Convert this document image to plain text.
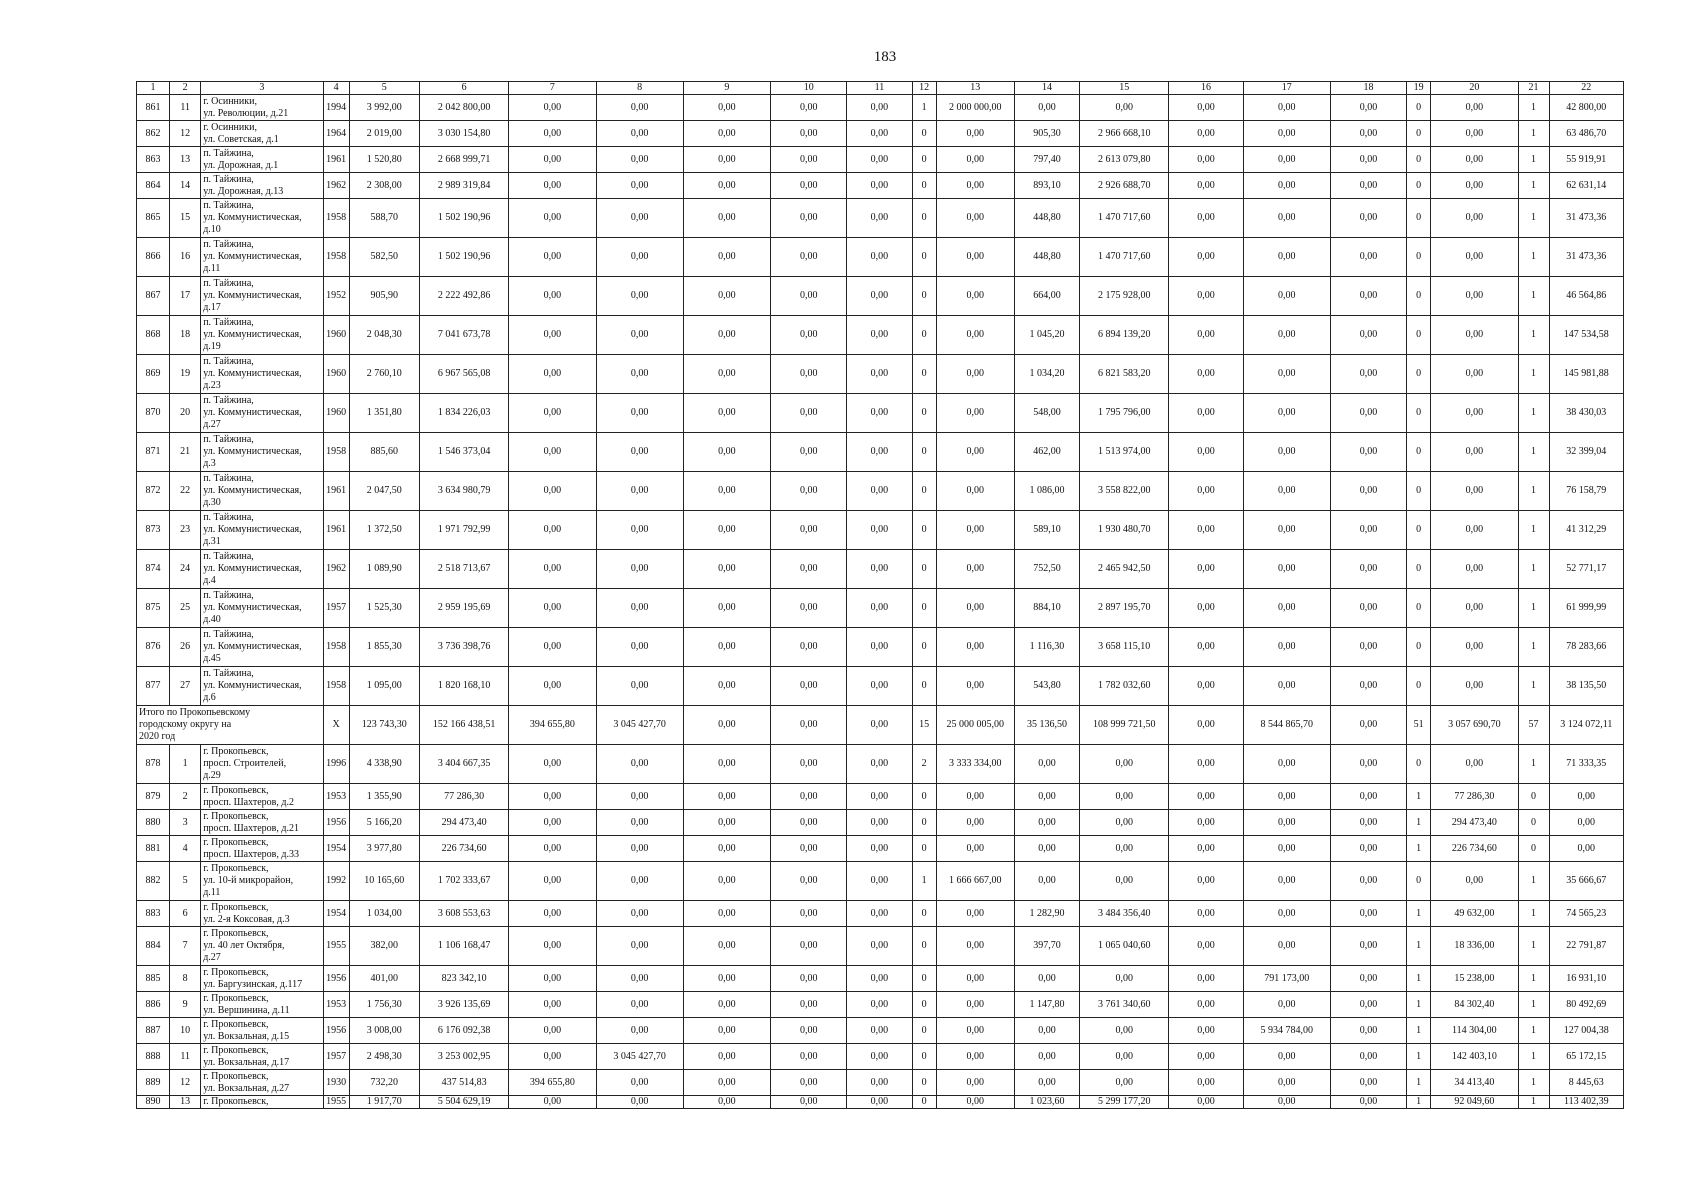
183
1	2	3	4	5	6	7	8	9	10	11	12	13	14	15	16	17	18	19	20	21	22
861	11	г. Осинники,
ул. Революции, д.21	1994	3 992,00	2 042 800,00	0,00	0,00	0,00	0,00	0,00	1	2 000 000,00	0,00	0,00	0,00	0,00	0,00	0	0,00	1	42 800,00
862	12	г. Осинники,
ул. Советская, д.1	1964	2 019,00	3 030 154,80	0,00	0,00	0,00	0,00	0,00	0	0,00	905,30	2 966 668,10	0,00	0,00	0,00	0	0,00	1	63 486,70
863	13	п. Тайжина,
ул. Дорожная, д.1	1961	1 520,80	2 668 999,71	0,00	0,00	0,00	0,00	0,00	0	0,00	797,40	2 613 079,80	0,00	0,00	0,00	0	0,00	1	55 919,91
864	14	п. Тайжина,
ул. Дорожная, д.13	1962	2 308,00	2 989 319,84	0,00	0,00	0,00	0,00	0,00	0	0,00	893,10	2 926 688,70	0,00	0,00	0,00	0	0,00	1	62 631,14
865	15	п. Тайжина,
ул. Коммунистическая,
д.10	1958	588,70	1 502 190,96	0,00	0,00	0,00	0,00	0,00	0	0,00	448,80	1 470 717,60	0,00	0,00	0,00	0	0,00	1	31 473,36
866	16	п. Тайжина,
ул. Коммунистическая,
д.11	1958	582,50	1 502 190,96	0,00	0,00	0,00	0,00	0,00	0	0,00	448,80	1 470 717,60	0,00	0,00	0,00	0	0,00	1	31 473,36
867	17	п. Тайжина,
ул. Коммунистическая,
д.17	1952	905,90	2 222 492,86	0,00	0,00	0,00	0,00	0,00	0	0,00	664,00	2 175 928,00	0,00	0,00	0,00	0	0,00	1	46 564,86
868	18	п. Тайжина,
ул. Коммунистическая,
д.19	1960	2 048,30	7 041 673,78	0,00	0,00	0,00	0,00	0,00	0	0,00	1 045,20	6 894 139,20	0,00	0,00	0,00	0	0,00	1	147 534,58
869	19	п. Тайжина,
ул. Коммунистическая,
д.23	1960	2 760,10	6 967 565,08	0,00	0,00	0,00	0,00	0,00	0	0,00	1 034,20	6 821 583,20	0,00	0,00	0,00	0	0,00	1	145 981,88
870	20	п. Тайжина,
ул. Коммунистическая,
д.27	1960	1 351,80	1 834 226,03	0,00	0,00	0,00	0,00	0,00	0	0,00	548,00	1 795 796,00	0,00	0,00	0,00	0	0,00	1	38 430,03
871	21	п. Тайжина,
ул. Коммунистическая,
д.3	1958	885,60	1 546 373,04	0,00	0,00	0,00	0,00	0,00	0	0,00	462,00	1 513 974,00	0,00	0,00	0,00	0	0,00	1	32 399,04
872	22	п. Тайжина,
ул. Коммунистическая,
д.30	1961	2 047,50	3 634 980,79	0,00	0,00	0,00	0,00	0,00	0	0,00	1 086,00	3 558 822,00	0,00	0,00	0,00	0	0,00	1	76 158,79
873	23	п. Тайжина,
ул. Коммунистическая,
д.31	1961	1 372,50	1 971 792,99	0,00	0,00	0,00	0,00	0,00	0	0,00	589,10	1 930 480,70	0,00	0,00	0,00	0	0,00	1	41 312,29
874	24	п. Тайжина,
ул. Коммунистическая,
д.4	1962	1 089,90	2 518 713,67	0,00	0,00	0,00	0,00	0,00	0	0,00	752,50	2 465 942,50	0,00	0,00	0,00	0	0,00	1	52 771,17
875	25	п. Тайжина,
ул. Коммунистическая,
д.40	1957	1 525,30	2 959 195,69	0,00	0,00	0,00	0,00	0,00	0	0,00	884,10	2 897 195,70	0,00	0,00	0,00	0	0,00	1	61 999,99
876	26	п. Тайжина,
ул. Коммунистическая,
д.45	1958	1 855,30	3 736 398,76	0,00	0,00	0,00	0,00	0,00	0	0,00	1 116,30	3 658 115,10	0,00	0,00	0,00	0	0,00	1	78 283,66
877	27	п. Тайжина,
ул. Коммунистическая,
д.6	1958	1 095,00	1 820 168,10	0,00	0,00	0,00	0,00	0,00	0	0,00	543,80	1 782 032,60	0,00	0,00	0,00	0	0,00	1	38 135,50

Итого по Прокопьевскому
городскому округу на
2020 год			X	123 743,30	152 166 438,51	394 655,80	3 045 427,70	0,00	0,00	0,00	15	25 000 005,00	35 136,50	108 999 721,50	0,00	8 544 865,70	0,00	51	3 057 690,70	57	3 124 072,11
878	1	г. Прокопьевск,
просп. Строителей,
д.29	1996	4 338,90	3 404 667,35	0,00	0,00	0,00	0,00	0,00	2	3 333 334,00	0,00	0,00	0,00	0,00	0,00	0	0,00	1	71 333,35
879	2	г. Прокопьевск,
просп. Шахтеров, д.2	1953	1 355,90	77 286,30	0,00	0,00	0,00	0,00	0,00	0	0,00	0,00	0,00	0,00	0,00	0,00	1	77 286,30	0	0,00
880	3	г. Прокопьевск,
просп. Шахтеров, д.21	1956	5 166,20	294 473,40	0,00	0,00	0,00	0,00	0,00	0	0,00	0,00	0,00	0,00	0,00	0,00	1	294 473,40	0	0,00
881	4	г. Прокопьевск,
просп. Шахтеров, д.33	1954	3 977,80	226 734,60	0,00	0,00	0,00	0,00	0,00	0	0,00	0,00	0,00	0,00	0,00	0,00	1	226 734,60	0	0,00
882	5	г. Прокопьевск,
ул. 10-й микрорайон,
д.11	1992	10 165,60	1 702 333,67	0,00	0,00	0,00	0,00	0,00	1	1 666 667,00	0,00	0,00	0,00	0,00	0,00	0	0,00	1	35 666,67
883	6	г. Прокопьевск,
ул. 2-я Коксовая, д.3	1954	1 034,00	3 608 553,63	0,00	0,00	0,00	0,00	0,00	0	0,00	1 282,90	3 484 356,40	0,00	0,00	0,00	1	49 632,00	1	74 565,23
884	7	г. Прокопьевск,
ул. 40 лет Октября,
д.27	1955	382,00	1 106 168,47	0,00	0,00	0,00	0,00	0,00	0	0,00	397,70	1 065 040,60	0,00	0,00	0,00	1	18 336,00	1	22 791,87
885	8	г. Прокопьевск,
ул. Баргузинская, д.117	1956	401,00	823 342,10	0,00	0,00	0,00	0,00	0,00	0	0,00	0,00	0,00	0,00	791 173,00	0,00	1	15 238,00	1	16 931,10
886	9	г. Прокопьевск,
ул. Вершинина, д.11	1953	1 756,30	3 926 135,69	0,00	0,00	0,00	0,00	0,00	0	0,00	1 147,80	3 761 340,60	0,00	0,00	0,00	1	84 302,40	1	80 492,69
887	10	г. Прокопьевск,
ул. Вокзальная, д.15	1956	3 008,00	6 176 092,38	0,00	0,00	0,00	0,00	0,00	0	0,00	0,00	0,00	0,00	5 934 784,00	0,00	1	114 304,00	1	127 004,38
888	11	г. Прокопьевск,
ул. Вокзальная, д.17	1957	2 498,30	3 253 002,95	0,00	3 045 427,70	0,00	0,00	0,00	0	0,00	0,00	0,00	0,00	0,00	0,00	1	142 403,10	1	65 172,15
889	12	г. Прокопьевск,
ул. Вокзальная, д.27	1930	732,20	437 514,83	394 655,80	0,00	0,00	0,00	0,00	0	0,00	0,00	0,00	0,00	0,00	0,00	1	34 413,40	1	8 445,63
890	13	г. Прокопьевск,	1955	1 917,70	5 504 629,19	0,00	0,00	0,00	0,00	0,00	0	0,00	1 023,60	5 299 177,20	0,00	0,00	0,00	1	92 049,60	1	113 402,39
